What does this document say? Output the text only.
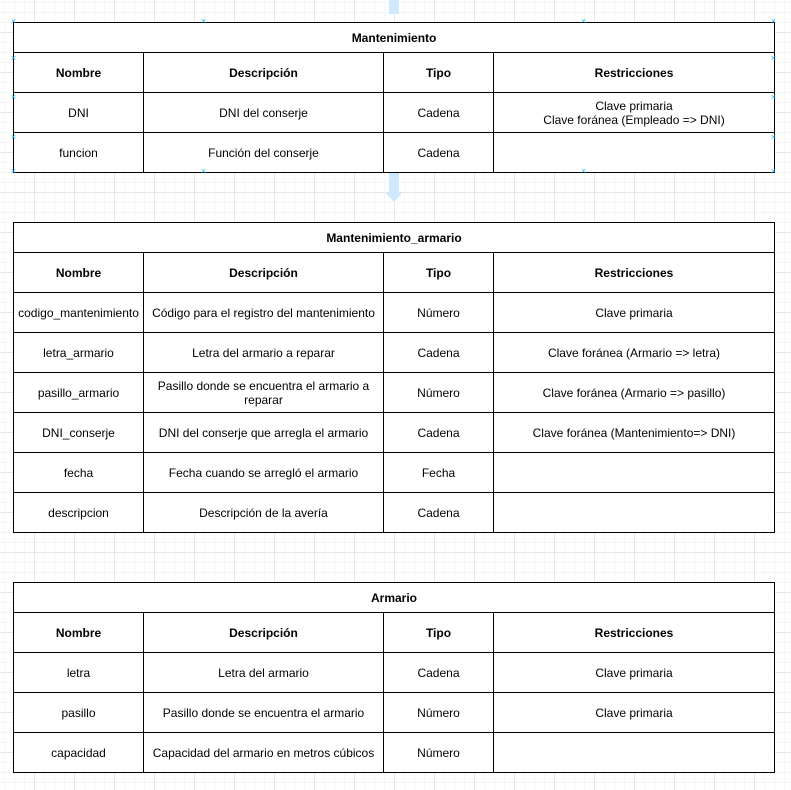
Mantenimiento			
Nombre	Descripción	Tipo	Restricciones
DNI	DNI del conserje	Cadena	Clave primaria
Clave foránea (Empleado => DNI)
funcion	Función del conserje	Cadena	
×
×
×
×
×
×
×
×
×
×
×
×
×
×
Mantenimiento_armario			
Nombre	Descripción	Tipo	Restricciones
codigo_mantenimiento	Código para el registro del mantenimiento	Número	Clave primaria
letra_armario	Letra del armario a reparar	Cadena	Clave foránea (Armario => letra)
pasillo_armario	Pasillo donde se encuentra el armario a reparar	Número	Clave foránea (Armario => pasillo)
DNI_conserje	DNI del conserje que arregla el armario	Cadena	Clave foránea (Mantenimiento=> DNI)
fecha	Fecha cuando se arregló el armario	Fecha	
descripcion	Descripción de la avería	Cadena	
Armario			
Nombre	Descripción	Tipo	Restricciones
letra	Letra del armario	Cadena	Clave primaria
pasillo	Pasillo donde se encuentra el armario	Número	Clave primaria
capacidad	Capacidad del armario en metros cúbicos	Número	
